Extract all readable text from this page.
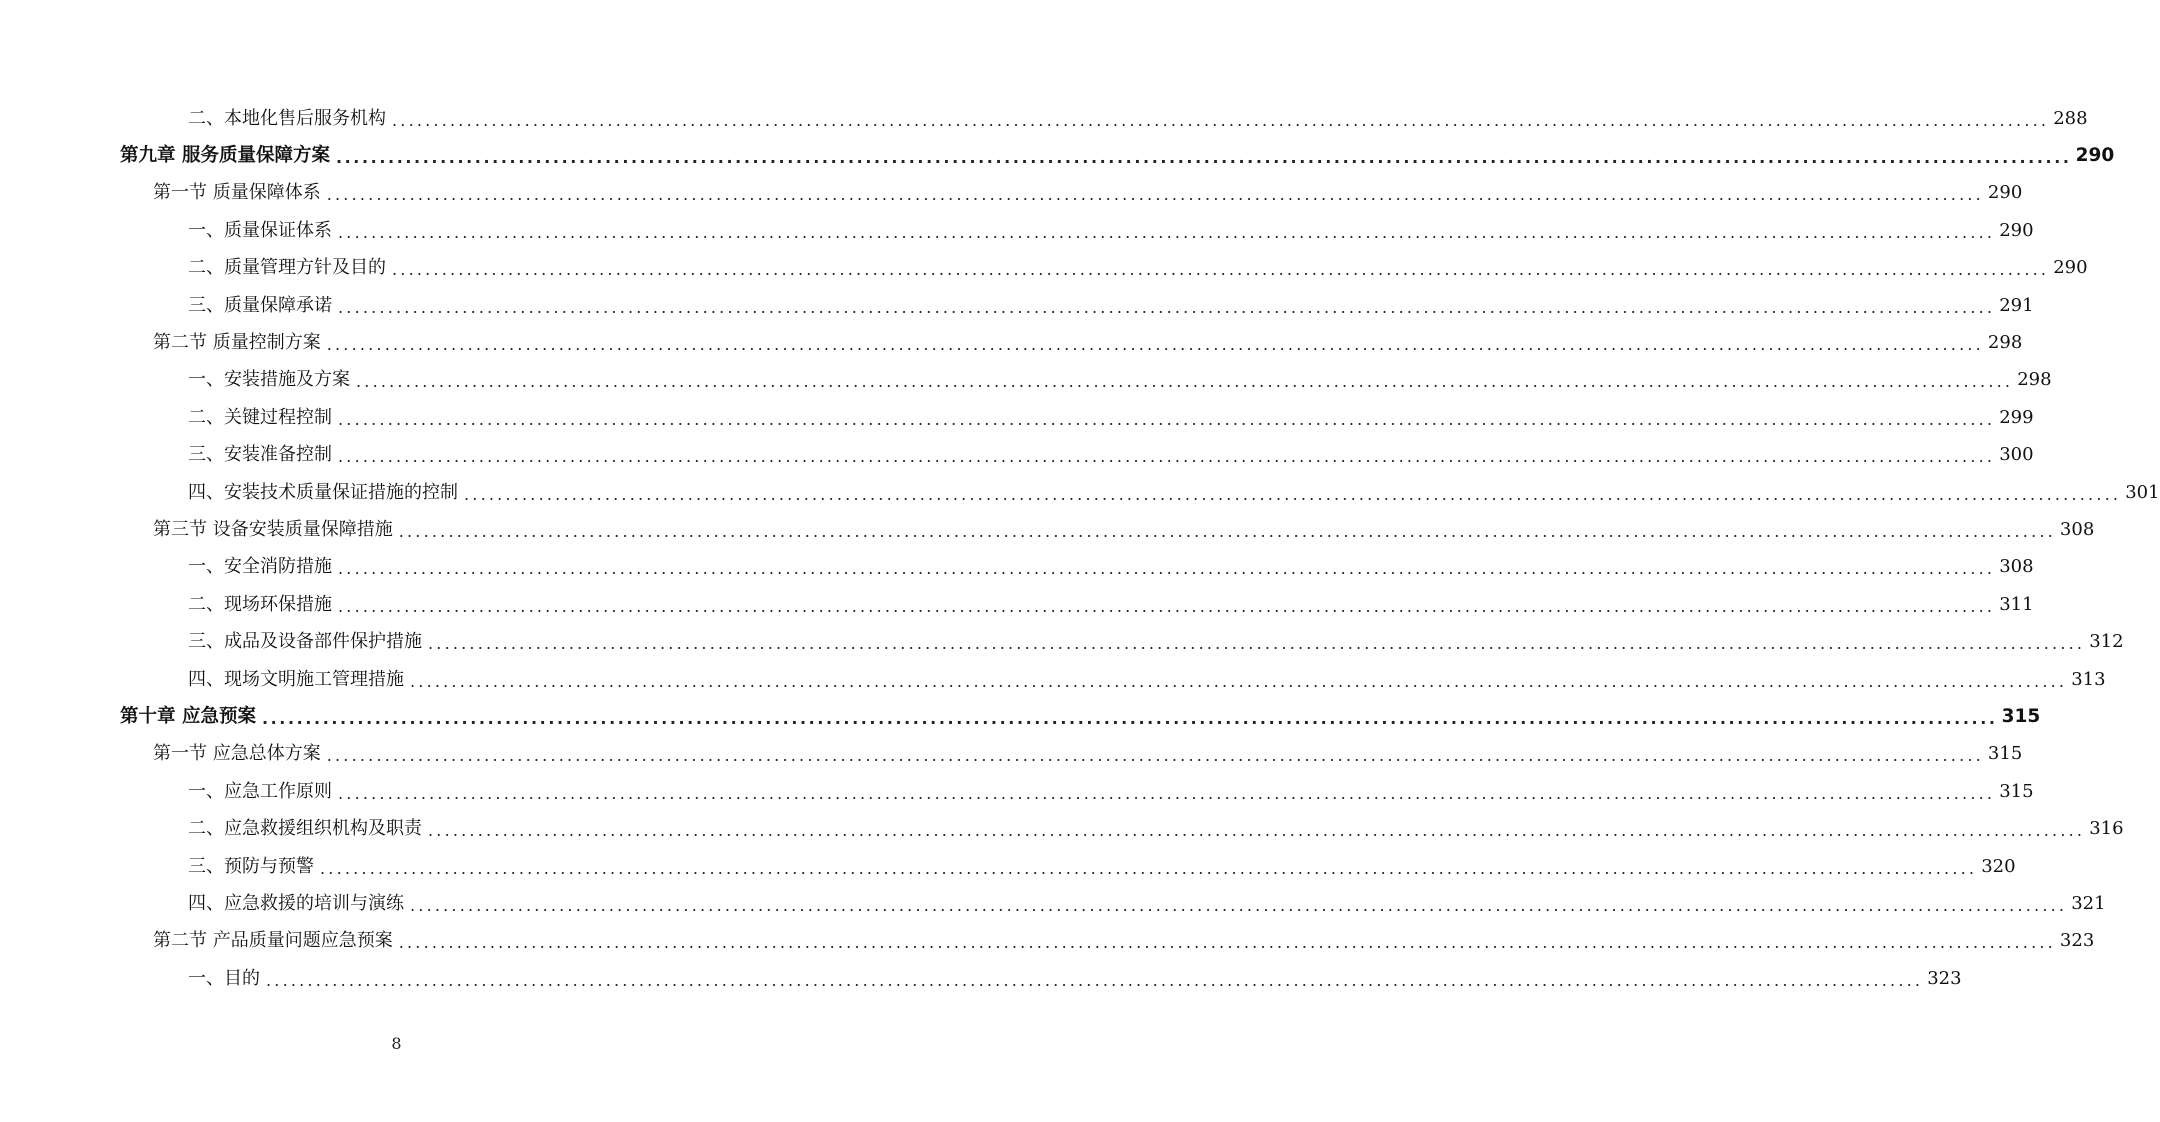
二、本地化售后服务机构 ........................................................................................................................................................................................................ 288
第九章 服务质量保障方案 ........................................................................................................................................................................................................ 290
第一节 质量保障体系 ........................................................................................................................................................................................................ 290
一、质量保证体系 ........................................................................................................................................................................................................ 290
二、质量管理方针及目的 ........................................................................................................................................................................................................ 290
三、质量保障承诺 ........................................................................................................................................................................................................ 291
第二节 质量控制方案 ........................................................................................................................................................................................................ 298
一、安装措施及方案 ........................................................................................................................................................................................................ 298
二、关键过程控制 ........................................................................................................................................................................................................ 299
三、安装准备控制 ........................................................................................................................................................................................................ 300
四、安装技术质量保证措施的控制 ........................................................................................................................................................................................................ 301
第三节 设备安装质量保障措施 ........................................................................................................................................................................................................ 308
一、安全消防措施 ........................................................................................................................................................................................................ 308
二、现场环保措施 ........................................................................................................................................................................................................ 311
三、成品及设备部件保护措施 ........................................................................................................................................................................................................ 312
四、现场文明施工管理措施 ........................................................................................................................................................................................................ 313
第十章 应急预案 ........................................................................................................................................................................................................ 315
第一节 应急总体方案 ........................................................................................................................................................................................................ 315
一、应急工作原则 ........................................................................................................................................................................................................ 315
二、应急救援组织机构及职责 ........................................................................................................................................................................................................ 316
三、预防与预警 ........................................................................................................................................................................................................ 320
四、应急救援的培训与演练 ........................................................................................................................................................................................................ 321
第二节 产品质量问题应急预案 ........................................................................................................................................................................................................ 323
一、目的 ........................................................................................................................................................................................................ 323
8
